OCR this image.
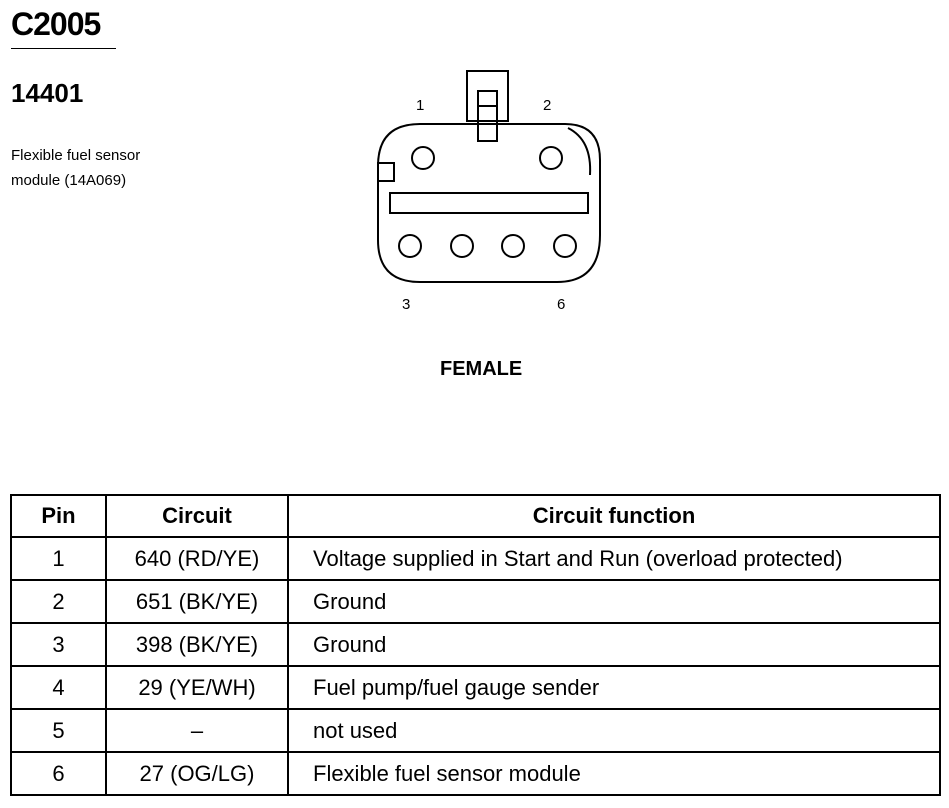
C2005
14401

Flexible fuel sensor

module (14A069)

1	2
3	6
FEMALE
Pin	Circuit	Circuit function
1	640 (RD/YE)	Voltage supplied in Start and Run (overload protected)
2	651 (BK/YE)	Ground
3	398 (BK/YE)	Ground
4	29 (YE/WH)	Fuel pump/fuel gauge sender
5	–	not used
6	27 (OG/LG)	Flexible fuel sensor module
